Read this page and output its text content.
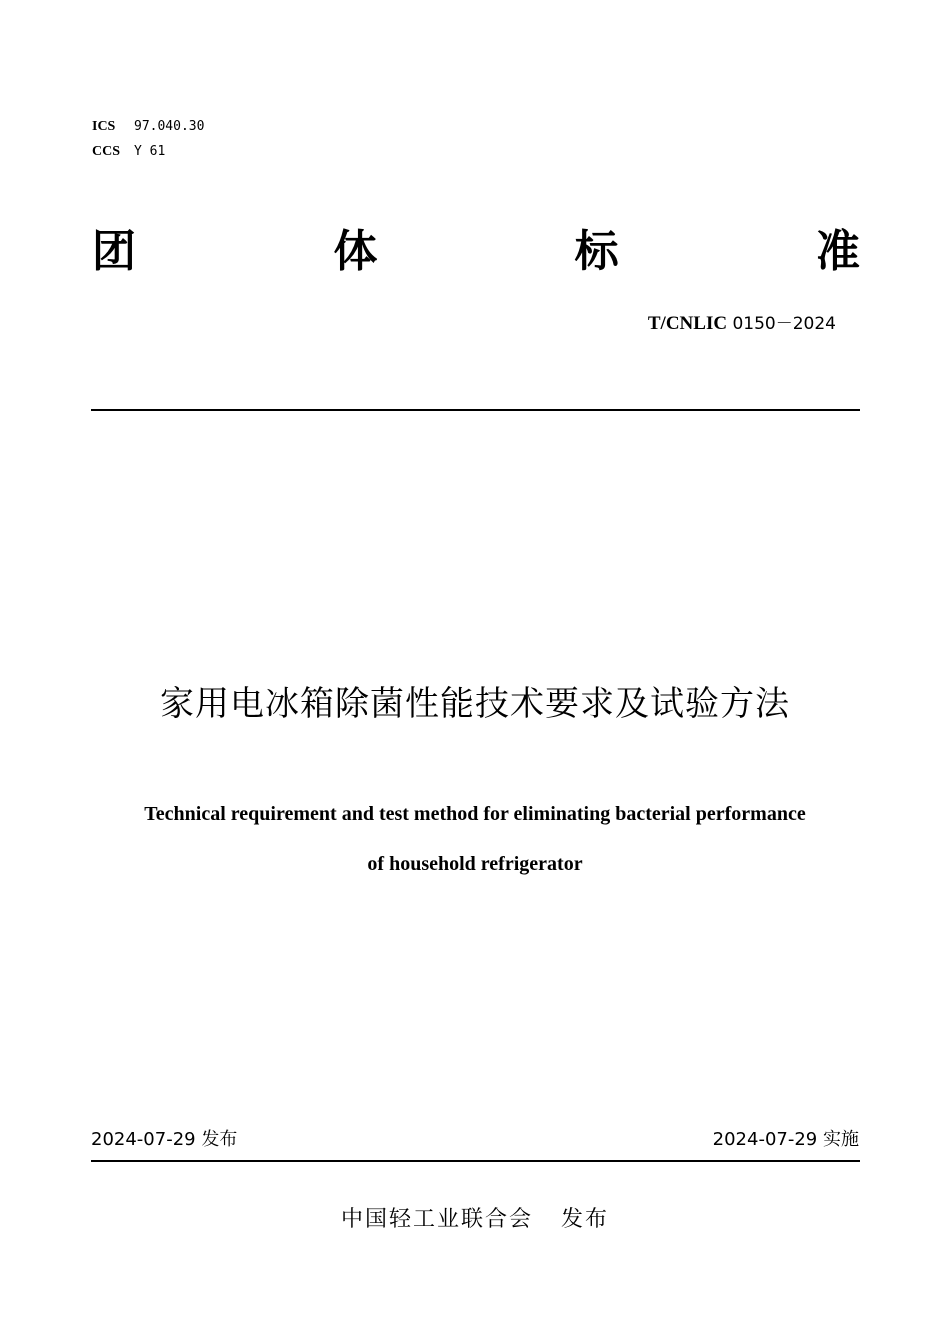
ICS 97.040.30
CCS Y 61
团	体	标	准
T/CNLIC 0150－2024
家用电冰箱除菌性能技术要求及试验方法
Technical requirement and test method for eliminating bacterial performance
of household refrigerator
2024-07-29 发布	2024-07-29 实施
中国轻工业联合会 发布
